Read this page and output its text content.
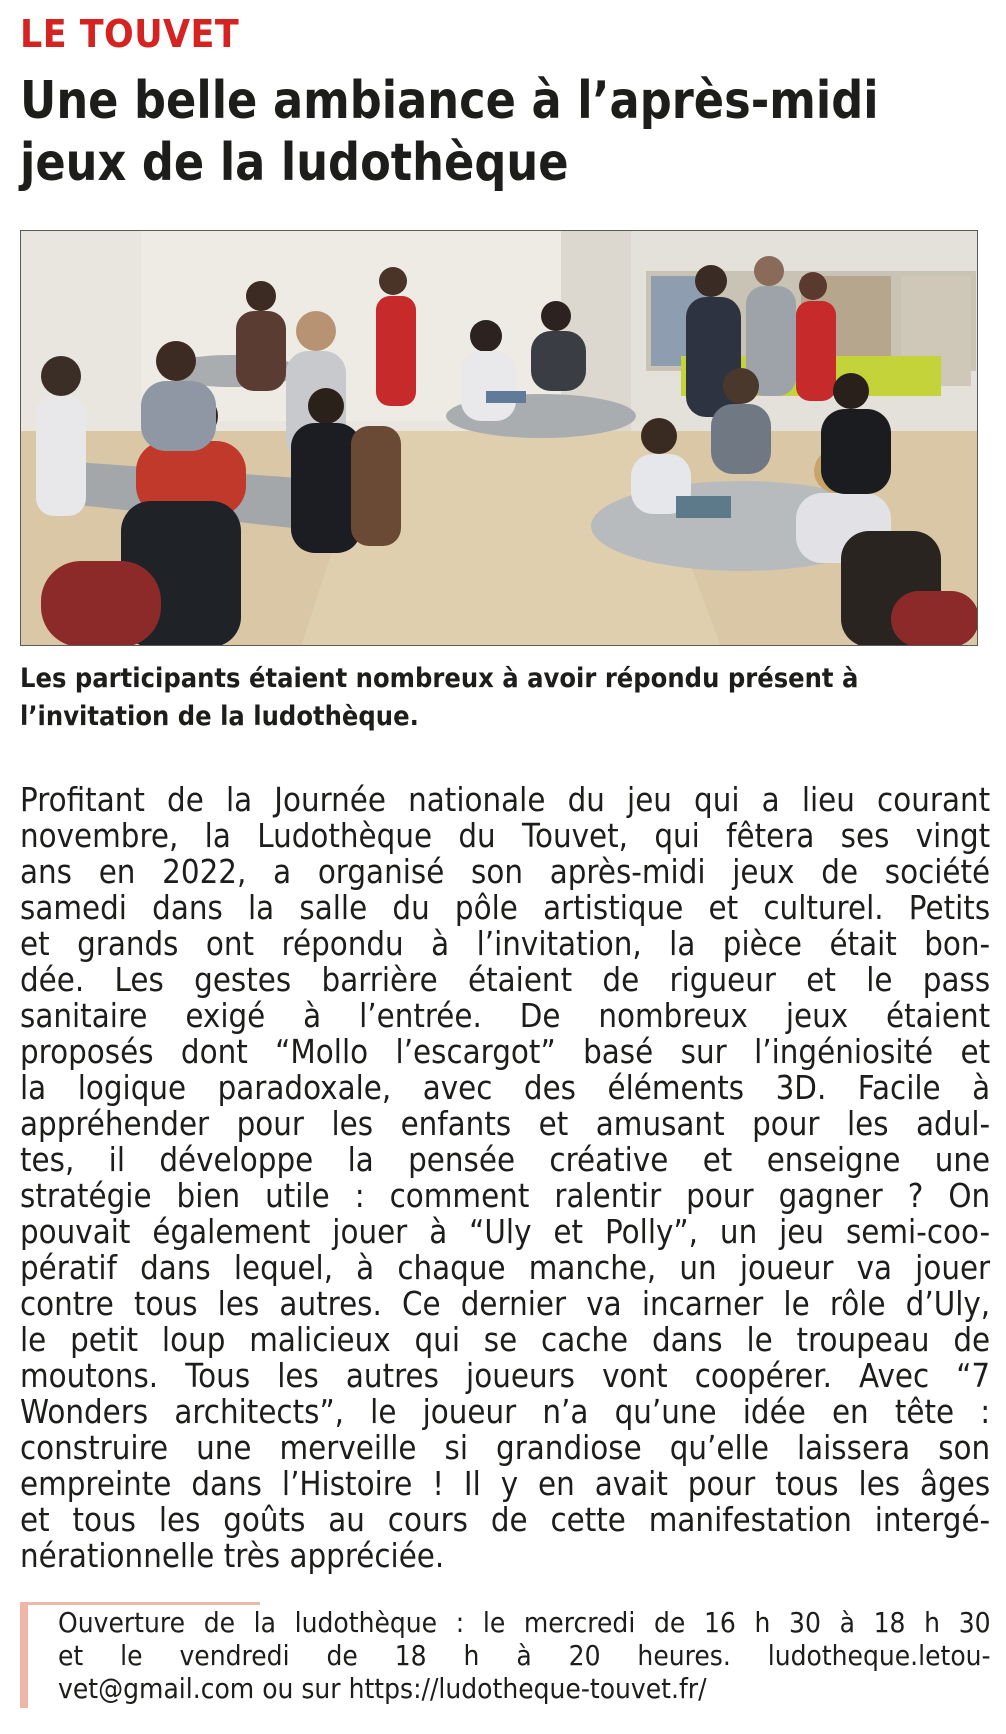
LE TOUVET
Une belle ambiance à l’après-midi
jeux de la ludothèque
Les participants étaient nombreux à avoir répondu présent à
l’invitation de la ludothèque.
Profitant de la Journée nationale du jeu qui a lieu courant
novembre, la Ludothèque du Touvet, qui fêtera ses vingt
ans en 2022, a organisé son après-midi jeux de société
samedi dans la salle du pôle artistique et culturel. Petits
et grands ont répondu à l’invitation, la pièce était bon-
dée. Les gestes barrière étaient de rigueur et le pass
sanitaire exigé à l’entrée. De nombreux jeux étaient
proposés dont “Mollo l’escargot” basé sur l’ingéniosité et
la logique paradoxale, avec des éléments 3D. Facile à
appréhender pour les enfants et amusant pour les adul-
tes, il développe la pensée créative et enseigne une
stratégie bien utile : comment ralentir pour gagner ? On
pouvait également jouer à “Uly et Polly”, un jeu semi-coo-
pératif dans lequel, à chaque manche, un joueur va jouer
contre tous les autres. Ce dernier va incarner le rôle d’Uly,
le petit loup malicieux qui se cache dans le troupeau de
moutons. Tous les autres joueurs vont coopérer. Avec “7
Wonders architects”, le joueur n’a qu’une idée en tête :
construire une merveille si grandiose qu’elle laissera son
empreinte dans l’Histoire ! Il y en avait pour tous les âges
et tous les goûts au cours de cette manifestation intergé-
nérationnelle très appréciée.
Ouverture de la ludothèque : le mercredi de 16 h 30 à 18 h 30
et le vendredi de 18 h à 20 heures. ludotheque.letou-
vet@gmail.com ou sur https://ludotheque-touvet.fr/
